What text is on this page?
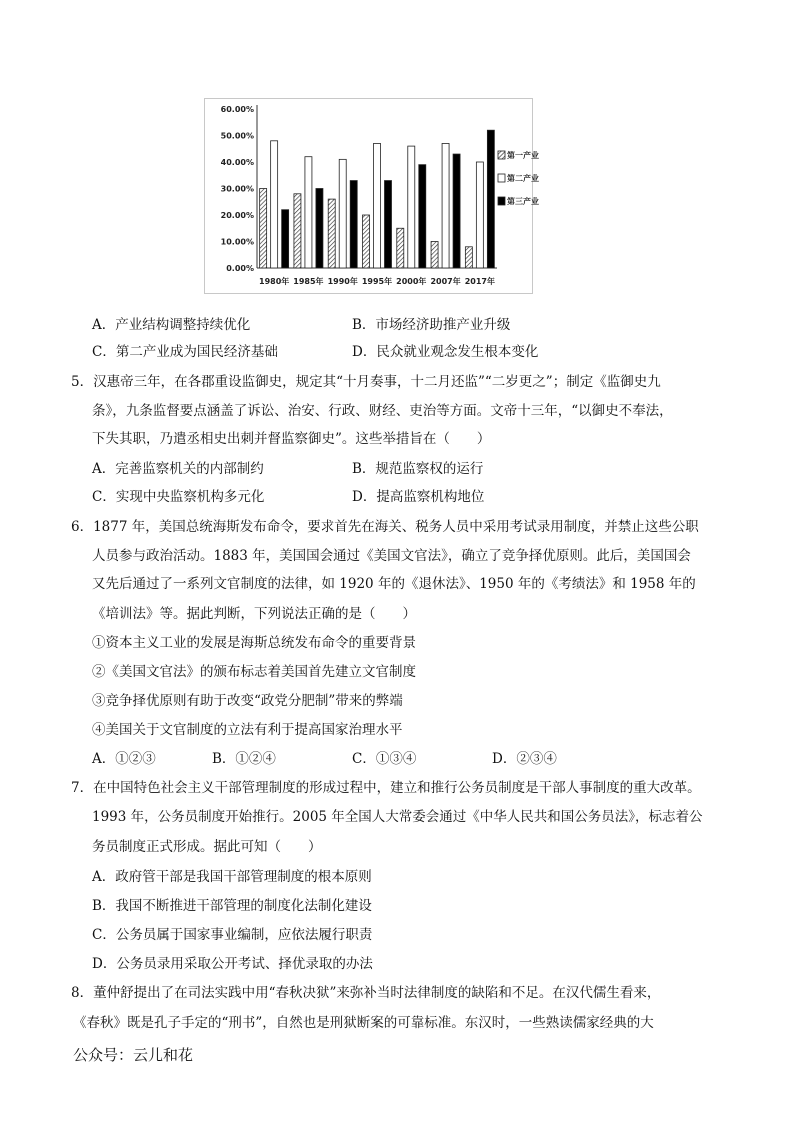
0.00%
10.00%
20.00%
30.00%
40.00%
50.00%
60.00%
1980年 1985年 1990年 1995年 2000年 2007年 2017年
第一产业
第二产业
第三产业
A．产业结构调整持续优化	B．市场经济助推产业升级
C．第二产业成为国民经济基础	D．民众就业观念发生根本变化
5．汉惠帝三年，在各郡重设监御史，规定其“十月奏事，十二月还监”“二岁更之”；制定《监御史九
条》，九条监督要点涵盖了诉讼、治安、行政、财经、吏治等方面。文帝十三年，“以御史不奉法，
下失其职，乃遣丞相史出刺并督监察御史”。这些举措旨在（　　）
A．完善监察机关的内部制约	B．规范监察权的运行
C．实现中央监察机构多元化	D．提高监察机构地位
6．1877 年，美国总统海斯发布命令，要求首先在海关、税务人员中采用考试录用制度，并禁止这些公职
人员参与政治活动。1883 年，美国国会通过《美国文官法》，确立了竞争择优原则。此后，美国国会
又先后通过了一系列文官制度的法律，如 1920 年的《退休法》、1950 年的《考绩法》和 1958 年的
《培训法》等。据此判断，下列说法正确的是（　　）
①资本主义工业的发展是海斯总统发布命令的重要背景
②《美国文官法》的颁布标志着美国首先建立文官制度
③竞争择优原则有助于改变“政党分肥制”带来的弊端
④美国关于文官制度的立法有利于提高国家治理水平
A．①②③	B．①②④	C．①③④	D．②③④
7．在中国特色社会主义干部管理制度的形成过程中，建立和推行公务员制度是干部人事制度的重大改革。
1993 年，公务员制度开始推行。2005 年全国人大常委会通过《中华人民共和国公务员法》，标志着公
务员制度正式形成。据此可知（　　）
A．政府管干部是我国干部管理制度的根本原则
B．我国不断推进干部管理的制度化法制化建设
C．公务员属于国家事业编制，应依法履行职责
D．公务员录用采取公开考试、择优录取的办法
8．董仲舒提出了在司法实践中用“春秋决狱”来弥补当时法律制度的缺陷和不足。在汉代儒生看来，
《春秋》既是孔子手定的“刑书”，自然也是刑狱断案的可靠标准。东汉时，一些熟读儒家经典的大
公众号：云儿和花
